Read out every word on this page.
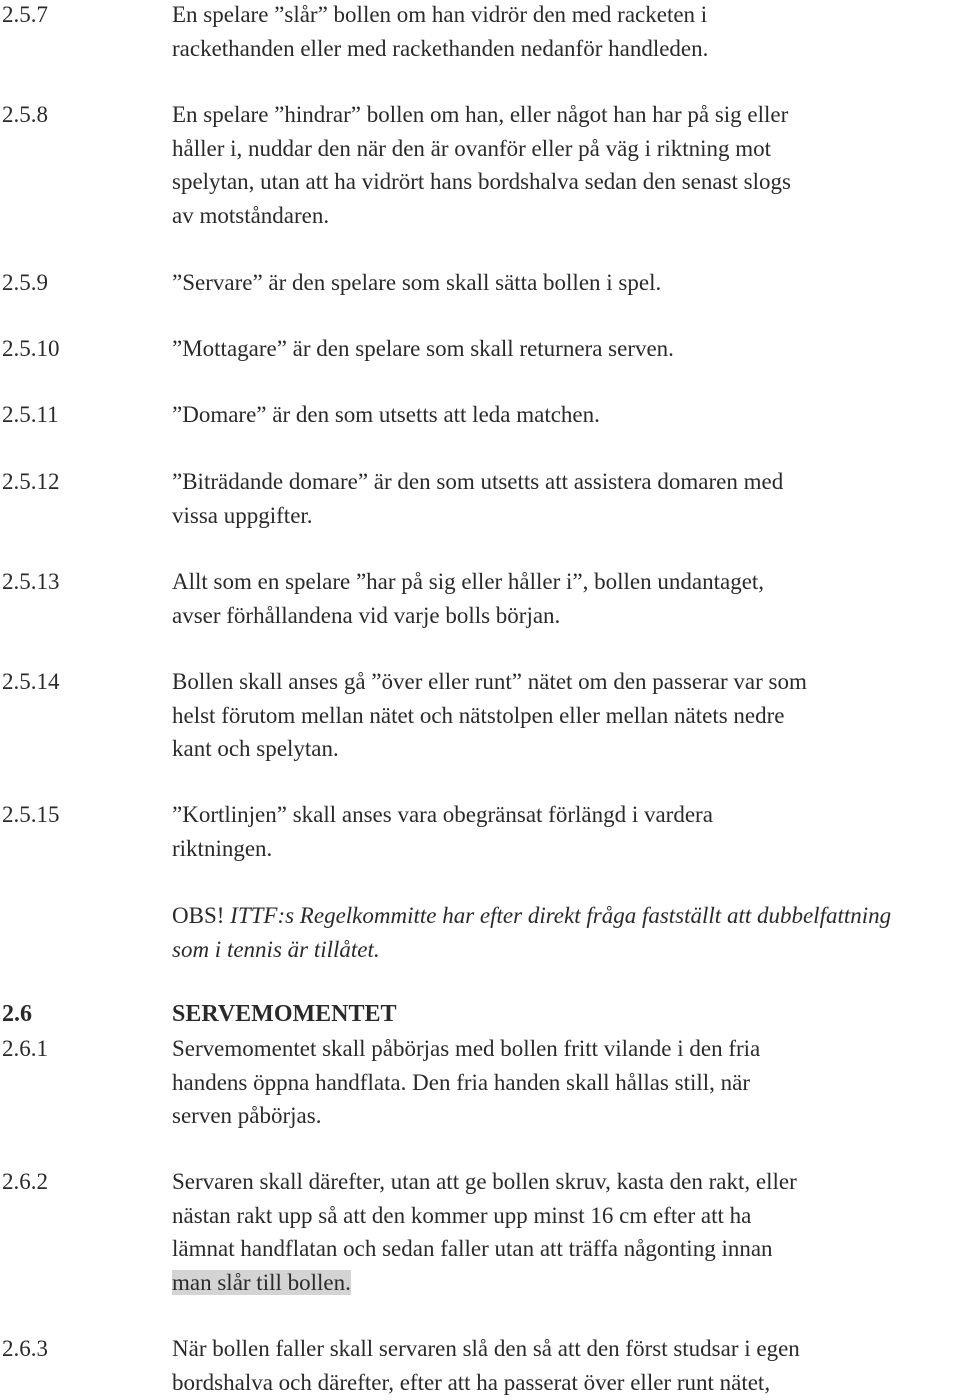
2.5.7	En spelare ”slår” bollen om han vidrör den med racketen i
rackethanden eller med rackethanden nedanför handleden.
2.5.8	En spelare ”hindrar” bollen om han, eller något han har på sig eller
håller i, nuddar den när den är ovanför eller på väg i riktning mot
spelytan, utan att ha vidrört hans bordshalva sedan den senast slogs
av motståndaren.
2.5.9	”Servare” är den spelare som skall sätta bollen i spel.
2.5.10	”Mottagare” är den spelare som skall returnera serven.
2.5.11	”Domare” är den som utsetts att leda matchen.
2.5.12	”Biträdande domare” är den som utsetts att assistera domaren med
vissa uppgifter.
2.5.13	Allt som en spelare ”har på sig eller håller i”, bollen undantaget,
avser förhållandena vid varje bolls början.
2.5.14	Bollen skall anses gå ”över eller runt” nätet om den passerar var som
helst förutom mellan nätet och nätstolpen eller mellan nätets nedre
kant och spelytan.
2.5.15	”Kortlinjen” skall anses vara obegränsat förlängd i vardera
riktningen.
OBS! ITTF:s Regelkommitte har efter direkt fråga fastställt att dubbelfattning
som i tennis är tillåtet.
2.6	SERVEMOMENTET
2.6.1	Servemomentet skall påbörjas med bollen fritt vilande i den fria
handens öppna handflata. Den fria handen skall hållas still, när
serven påbörjas.
2.6.2	Servaren skall därefter, utan att ge bollen skruv, kasta den rakt, eller
nästan rakt upp så att den kommer upp minst 16 cm efter att ha
lämnat handflatan och sedan faller utan att träffa någonting innan
man slår till bollen.
2.6.3	När bollen faller skall servaren slå den så att den först studsar i egen
bordshalva och därefter, efter att ha passerat över eller runt nätet,
